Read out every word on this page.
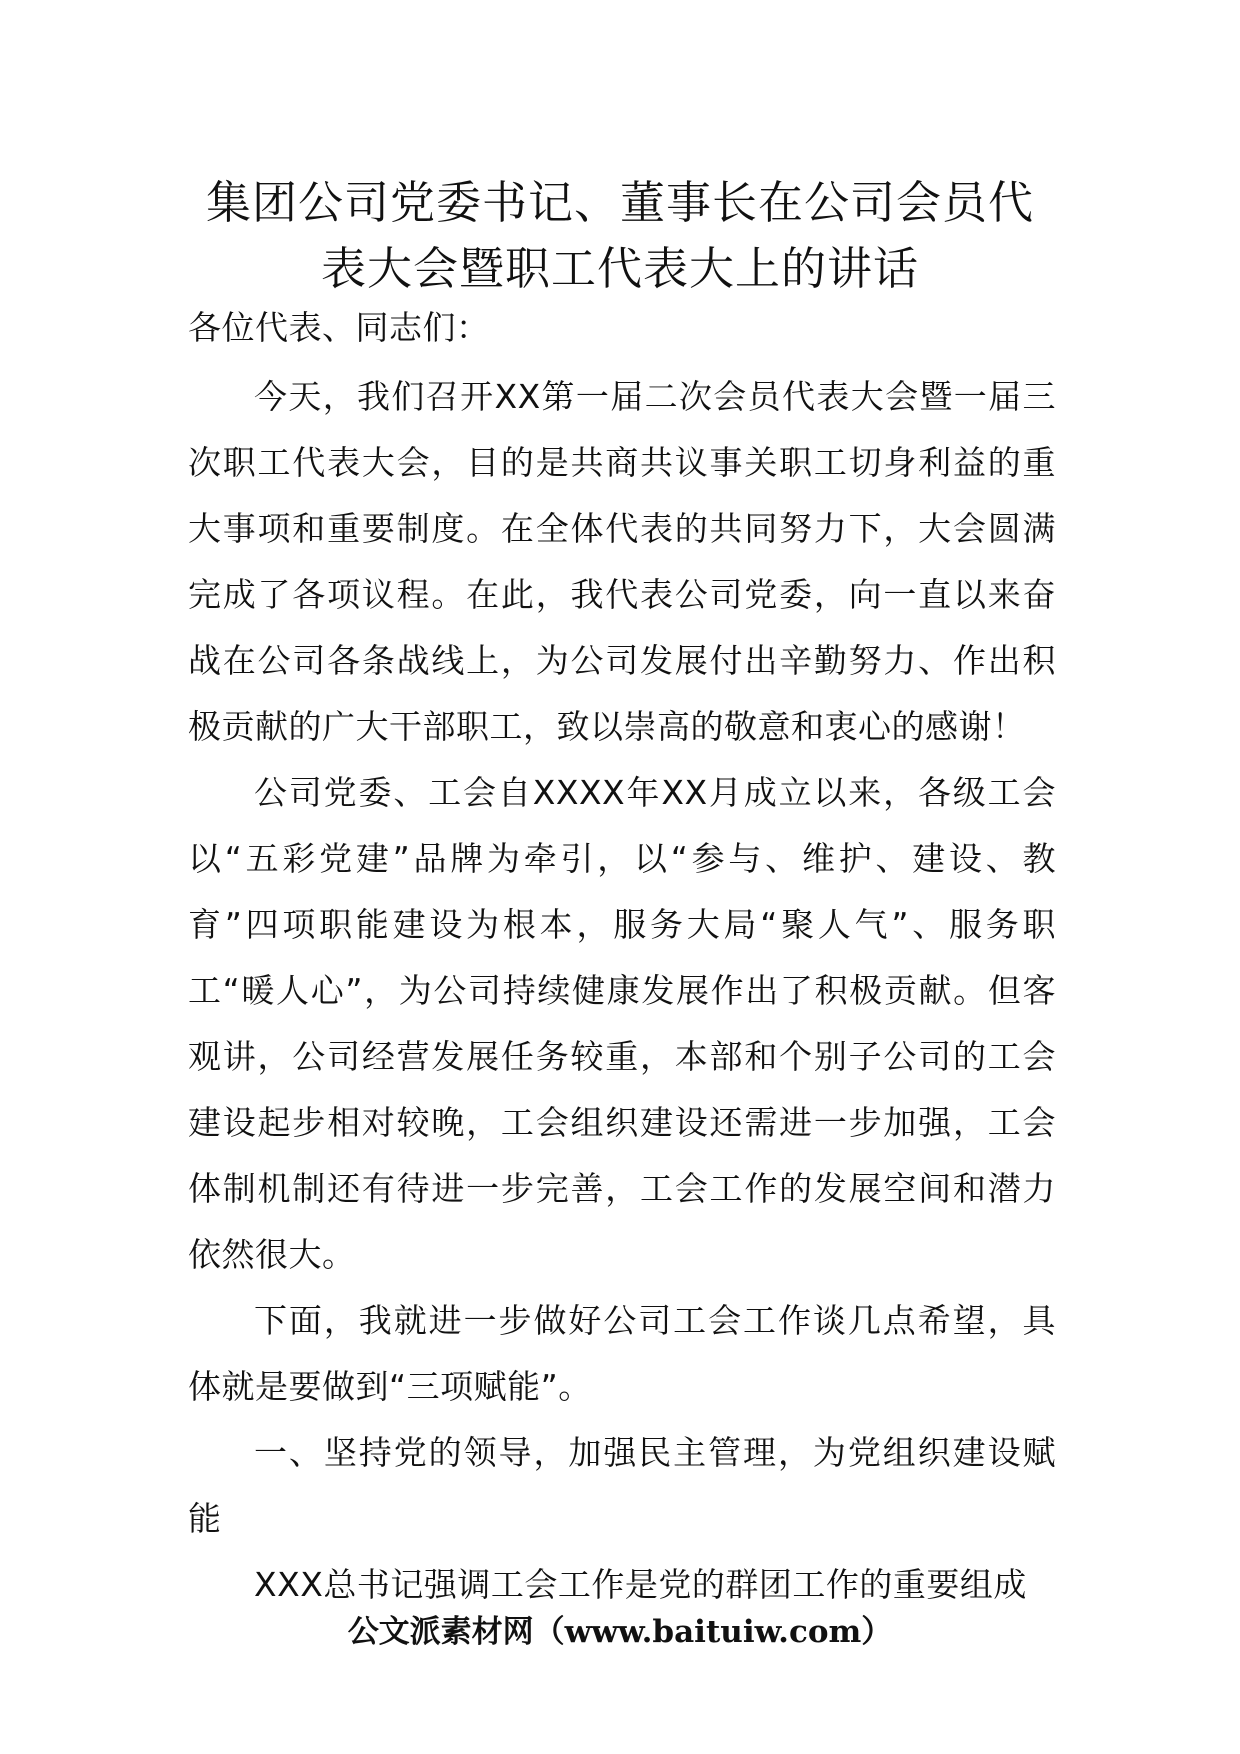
集团公司党委书记、董事长在公司会员代
表大会暨职工代表大上的讲话

各位代表、同志们：

今天，我们召开XX第一届二次会员代表大会暨一届三次职工代表大会，目的是共商共议事关职工切身利益的重大事项和重要制度。在全体代表的共同努力下，大会圆满完成了各项议程。在此，我代表公司党委，向一直以来奋战在公司各条战线上，为公司发展付出辛勤努力、作出积极贡献的广大干部职工，致以崇高的敬意和衷心的感谢！

公司党委、工会自XXXX年XX月成立以来，各级工会以“五彩党建”品牌为牵引，以“参与、维护、建设、教育”四项职能建设为根本，服务大局“聚人气”、服务职工“暖人心”，为公司持续健康发展作出了积极贡献。但客观讲，公司经营发展任务较重，本部和个别子公司的工会建设起步相对较晚，工会组织建设还需进一步加强，工会体制机制还有待进一步完善，工会工作的发展空间和潜力依然很大。

下面，我就进一步做好公司工会工作谈几点希望，具体就是要做到“三项赋能”。

一、坚持党的领导，加强民主管理，为党组织建设赋能

XXX总书记强调工会工作是党的群团工作的重要组成

公文派素材网（www.baituiw.com）
